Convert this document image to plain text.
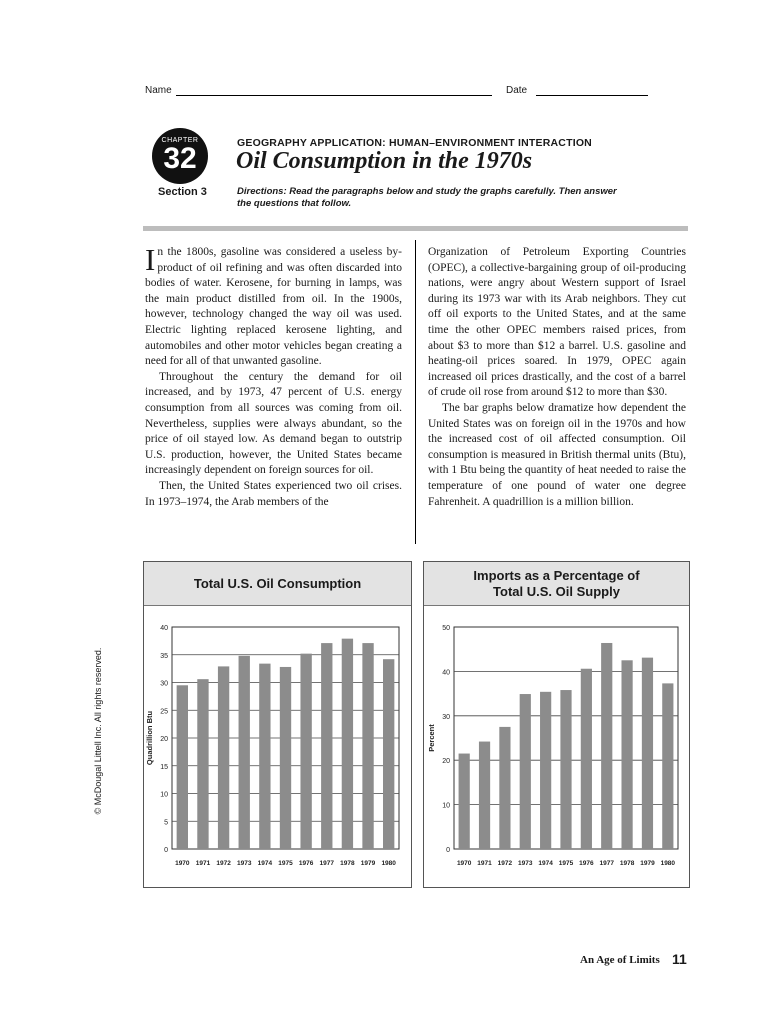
Name	Date
CHAPTER
32
Section 3
GEOGRAPHY APPLICATION: HUMAN–ENVIRONMENT INTERACTION
Oil Consumption in the 1970s
Directions: Read the paragraphs below and study the graphs carefully. Then answer the questions that follow.

In the 1800s, gasoline was considered a useless by-product of oil refining and was often discarded into bodies of water. Kerosene, for burning in lamps, was the main product distilled from oil. In the 1900s, however, technology changed the way oil was used. Electric lighting replaced kerosene lighting, and automobiles and other motor vehicles began creating a need for all of that unwanted gasoline.

Throughout the century the demand for oil increased, and by 1973, 47 percent of U.S. energy consumption from all sources was coming from oil. Nevertheless, supplies were always abundant, so the price of oil stayed low. As demand began to outstrip U.S. production, however, the United States became increasingly dependent on foreign sources for oil.

Then, the United States experienced two oil crises. In 1973–1974, the Arab members of the

Organization of Petroleum Exporting Countries (OPEC), a collective-bargaining group of oil-producing nations, were angry about Western support of Israel during its 1973 war with its Arab neighbors. They cut off oil exports to the United States, and at the same time the other OPEC members raised prices, from about $3 to more than $12 a barrel. U.S. gasoline and heating-oil prices soared. In 1979, OPEC again increased oil prices drastically, and the cost of a barrel of crude oil rose from around $12 to more than $30.

The bar graphs below dramatize how dependent the United States was on foreign oil in the 1970s and how the increased cost of oil affected consumption. Oil consumption is measured in British thermal units (Btu), with 1 Btu being the quantity of heat needed to raise the temperature of one pound of water one degree Fahrenheit. A quadrillion is a million billion.

© McDougal Littell Inc. All rights reserved.
Total U.S. Oil Consumption
0
5
10
15
20
25
30
35
40
Quadrillion Btu
1970 1971 1972 1973 1974 1975 1976 1977 1978 1979 1980
Imports as a Percentage of Total U.S. Oil Supply
0
10
20
30
40
50
Percent
1970 1971 1972 1973 1974 1975 1976 1977 1978 1979 1980
An Age of Limits 11
